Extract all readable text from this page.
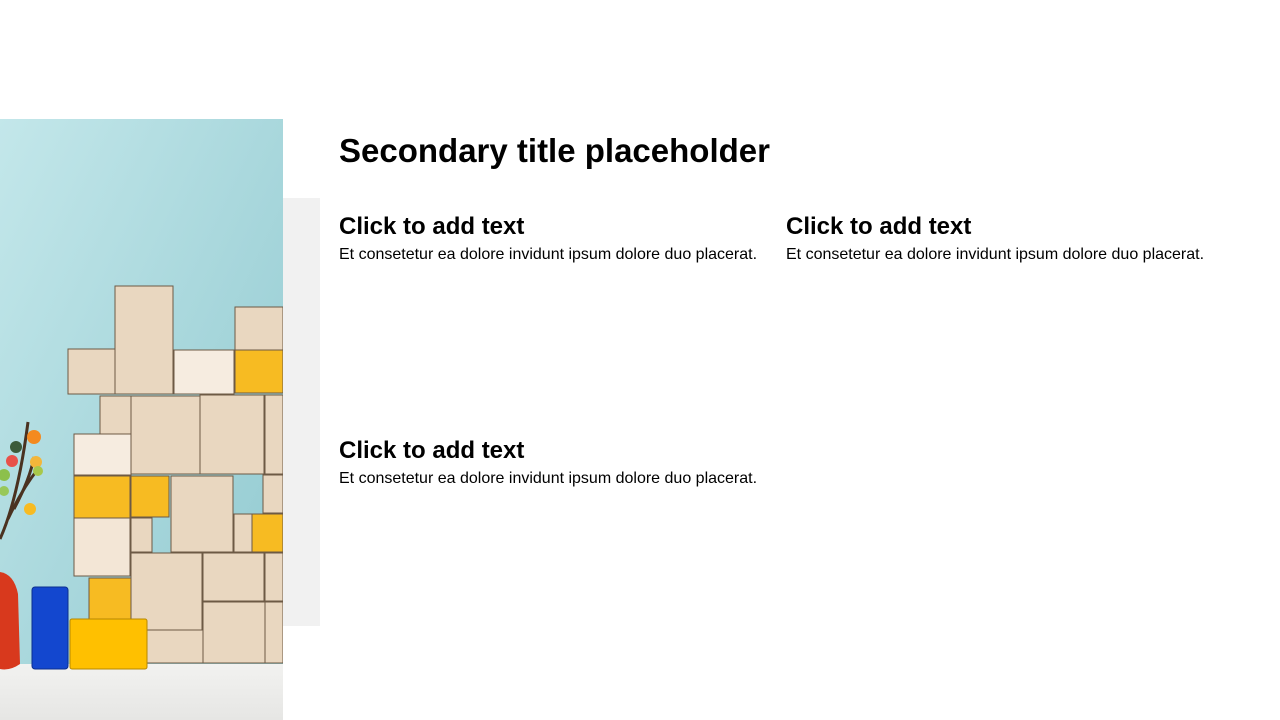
Secondary title placeholder
Click to add text

Et consetetur ea dolore invidunt ipsum dolore duo placerat.

Click to add text

Et consetetur ea dolore invidunt ipsum dolore duo placerat.

Click to add text

Et consetetur ea dolore invidunt ipsum dolore duo placerat.
